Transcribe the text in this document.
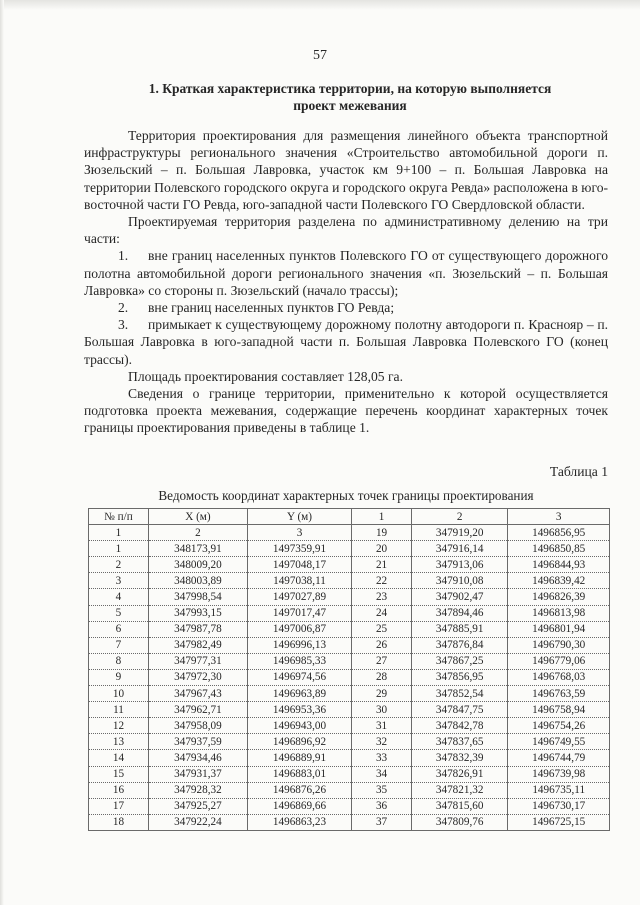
57
1. Краткая характеристика территории, на которую выполняется
проект межевания

Территория проектирования для размещения линейного объекта транспортной инфраструктуры регионального значения «Строительство автомобильной дороги п. Зюзельский – п. Большая Лавровка, участок км 9+100 – п. Большая Лавровка на территории Полевского городского округа и городского округа Ревда» расположена в юго-восточной части ГО Ревда, юго-западной части Полевского ГО Свердловской области.

Проектируемая территория разделена по административному делению на три части:

1. вне границ населенных пунктов Полевского ГО от существующего дорожного полотна автомобильной дороги регионального значения «п. Зюзельский – п. Большая Лавровка» со стороны п. Зюзельский (начало трассы);

2. вне границ населенных пунктов ГО Ревда;

3. примыкает к существующему дорожному полотну автодороги п. Краснояр – п. Большая Лавровка в юго-западной части п. Большая Лавровка Полевского ГО (конец трассы).

Площадь проектирования составляет 128,05 га.

Сведения о границе территории, применительно к которой осуществляется подготовка проекта межевания, содержащие перечень координат характерных точек границы проектирования приведены в таблице 1.

Таблица 1
Ведомость координат характерных точек границы проектирования
№ п/п	X (м)	Y (м)	1	2	3
1	2	3	19	347919,20	1496856,95
1	348173,91	1497359,91	20	347916,14	1496850,85
2	348009,20	1497048,17	21	347913,06	1496844,93
3	348003,89	1497038,11	22	347910,08	1496839,42
4	347998,54	1497027,89	23	347902,47	1496826,39
5	347993,15	1497017,47	24	347894,46	1496813,98
6	347987,78	1497006,87	25	347885,91	1496801,94
7	347982,49	1496996,13	26	347876,84	1496790,30
8	347977,31	1496985,33	27	347867,25	1496779,06
9	347972,30	1496974,56	28	347856,95	1496768,03
10	347967,43	1496963,89	29	347852,54	1496763,59
11	347962,71	1496953,36	30	347847,75	1496758,94
12	347958,09	1496943,00	31	347842,78	1496754,26
13	347937,59	1496896,92	32	347837,65	1496749,55
14	347934,46	1496889,91	33	347832,39	1496744,79
15	347931,37	1496883,01	34	347826,91	1496739,98
16	347928,32	1496876,26	35	347821,32	1496735,11
17	347925,27	1496869,66	36	347815,60	1496730,17
18	347922,24	1496863,23	37	347809,76	1496725,15
